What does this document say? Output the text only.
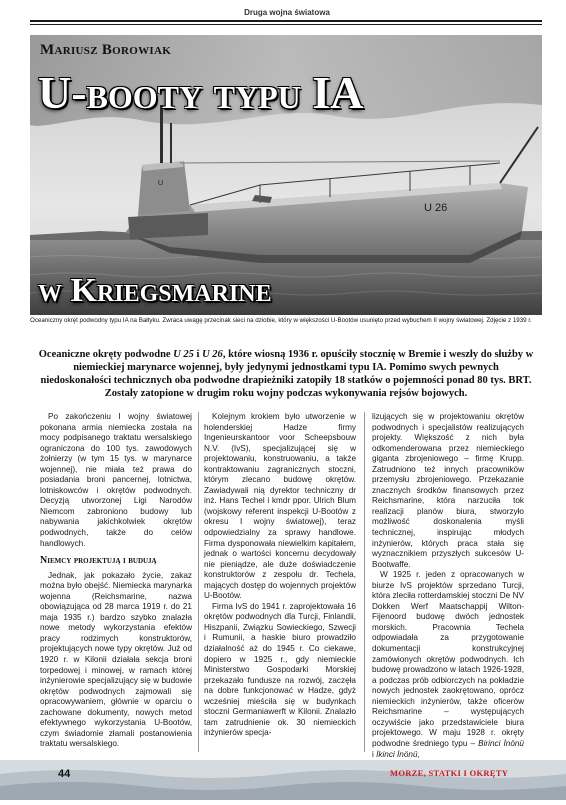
Druga wojna światowa
U 26
U
Mariusz Borowiak
U-booty typu IA
w Kriegsmarine
Oceaniczny okręt podwodny typu IA na Bałtyku. Zwraca uwagę przecinak sieci na dziobie, który w większości U-Bootów usunięto przed wybuchem II wojny światowej. Zdjęcie z 1939 r.
Oceaniczne okręty podwodne U 25 i U 26, które wiosną 1936 r. opuściły stocznię w Bremie i weszły do służby w niemieckiej marynarce wojennej, były jedynymi jednostkami typu IA. Pomimo swych pewnych niedoskonałości technicznych oba podwodne drapieżniki zatopiły 18 statków o pojemności ponad 80 tys. BRT. Zostały zatopione w drugim roku wojny podczas wykonywania rejsów bojowych.

Po zakończeniu I wojny światowej pokonana armia niemiecka została na mocy podpisanego traktatu wersalskiego ograniczona do 100 tys. zawodowych żołnierzy (w tym 15 tys. w marynarce wojennej), nie miała też prawa do posiadania broni pancernej, lotnictwa, lotniskowców i okrętów podwodnych. Decyzją utworzonej Ligi Narodów Niemcom zabroniono budowy lub nabywania jakichkolwiek okrętów podwodnych, także do celów handlowych.

Niemcy projektują i budują

Jednak, jak pokazało życie, zakaz można było obejść. Niemiecka marynarka wojenna (Reichsmarine, nazwa obowiązująca od 28 marca 1919 r. do 21 maja 1935 r.) bardzo szybko znalazła nowe metody wykorzystania efektów pracy rodzimych konstruktorów, projektujących nowe typy okrętów. Już od 1920 r. w Kilonii działała sekcja broni torpedowej i minowej, w ramach której inżynierowie specjalizujący się w budowie okrętów podwodnych zajmowali się opracowywaniem, głównie w oparciu o zachowane dokumenty, nowych metod efektywnego wykorzystania U-Bootów, czym świadomie złamali postanowienia traktatu wersalskiego.

Kolejnym krokiem było utworzenie w holenderskiej Hadze firmy Ingenieurskantoor voor Scheepsbouw N.V. (IvS), specjalizującej się w projektowaniu, konstruowaniu, a także kontraktowaniu zagranicznych stoczni, którym zlecano budowę okrętów. Zawiadywali nią dyrektor techniczny dr inż. Hans Techel i kmdr ppor. Ulrich Blum (wojskowy referent inspekcji U-Bootów z okresu I wojny światowej), teraz odpowiedzialny za sprawy handlowe. Firma dysponowała niewielkim kapitałem, jednak o wartości koncernu decydowały nie pieniądze, ale duże doświadczenie konstruktorów z zespołu dr. Techela, mających dostęp do wojennych projektów U-Bootów.

Firma IvS do 1941 r. zaprojektowała 16 okrętów podwodnych dla Turcji, Finlandii, Hiszpanii, Związku Sowieckiego, Szwecji i Rumunii, a haskie biuro prowadziło działalność aż do 1945 r. Co ciekawe, dopiero w 1925 r., gdy niemieckie Ministerstwo Gospodarki Morskiej przekazało fundusze na rozwój, zaczęła na dobre funkcjonować w Hadze, gdyż wcześniej mieściła się w budynkach stoczni Germaniawerft w Kilonii. Znalazło tam zatrudnienie ok. 30 niemieckich inżynierów specja-

lizujących się w projektowaniu okrętów podwodnych i specjalistów realizujących projekty. Większość z nich była odkomenderowana przez niemieckiego giganta zbrojeniowego – firmę Krupp. Zatrudniono też innych pracowników przemysłu zbrojeniowego. Przekazanie znacznych środków finansowych przez Reichsmarine, która narzuciła tok realizacji planów biura, stworzyło możliwość doskonalenia myśli technicznej, inspirując młodych inżynierów, których praca stała się wyznacznikiem przyszłych sukcesów U-Bootwaffe.

W 1925 r. jeden z opracowanych w biurze IvS projektów sprzedano Turcji, która zleciła rotterdamskiej stoczni De NV Dokken Werf Maatschappij Wilton-Fijenoord budowę dwóch jednostek morskich. Pracownia Techela odpowiadała za przygotowanie dokumentacji konstrukcyjnej zamówionych okrętów podwodnych. Ich budowę prowadzono w latach 1926-1928, a podczas prób odbiorczych na pokładzie nowych jednostek zaokrętowano, oprócz niemieckich inżynierów, także oficerów Reichsmarine – występujących oczywiście jako przedstawiciele biura projektowego. W maju 1928 r. okręty podwodne średniego typu – Birinci İnönü i İkinci İnönü,

44	MORZE, STATKI I OKRĘTY
